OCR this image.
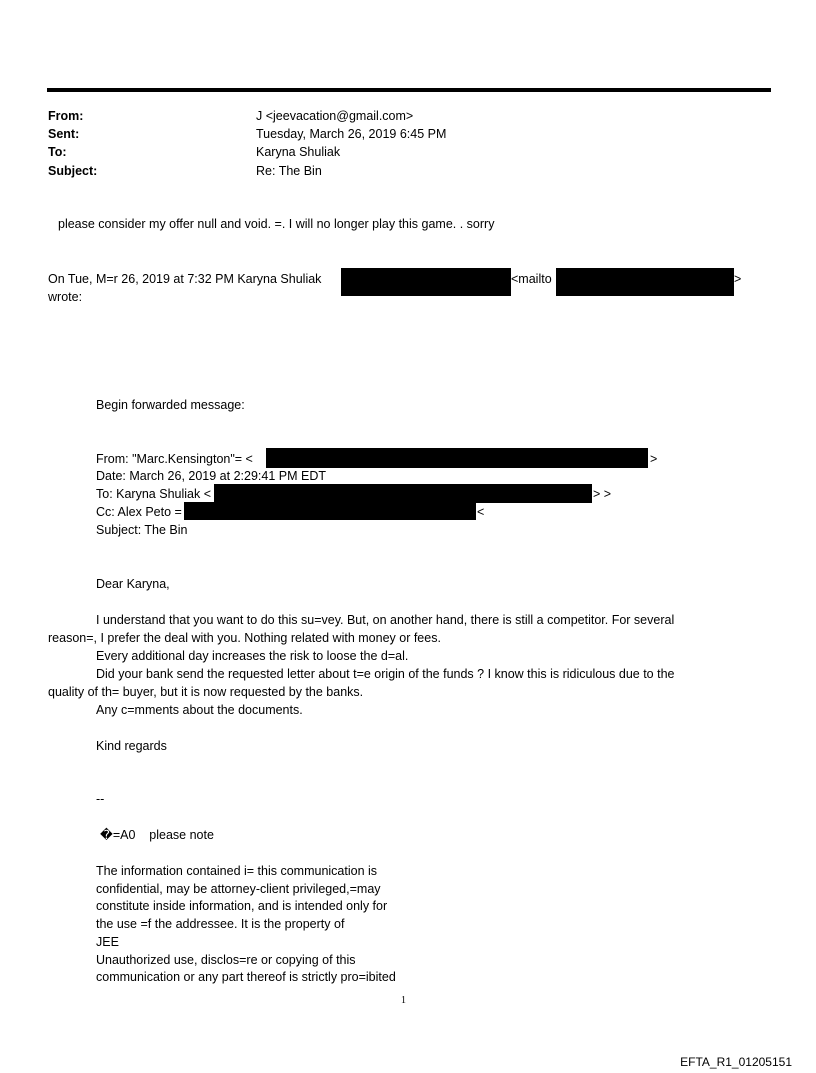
From:	J <jeevacation@gmail.com>
Sent:	Tuesday, March 26, 2019 6:45 PM
To:	Karyna Shuliak
Subject:	Re: The Bin
please consider my offer null and void. =. I will no longer play this game. . sorry
On Tue, M=r 26, 2019 at 7:32 PM Karyna Shuliak	<mailto	>
wrote:
Begin forwarded message:
From: "Marc.Kensington"= <	>
Date: March 26, 2019 at 2:29:41 PM EDT
To: Karyna Shuliak <	> >
Cc: Alex Peto =	<
Subject: The Bin
Dear Karyna,
I understand that you want to do this su=vey. But, on another hand, there is still a competitor. For several
reason=, I prefer the deal with you. Nothing related with money or fees.
Every additional day increases the risk to loose the d=al.
Did your bank send the requested letter about t=e origin of the funds ? I know this is ridiculous due to the
quality of th= buyer, but it is now requested by the banks.
Any c=mments about the documents.
Kind regards
--
�=A0    please note
The information contained i= this communication is
confidential, may be attorney-client privileged,=may
constitute inside information, and is intended only for
the use =f the addressee. It is the property of
JEE
Unauthorized use, disclos=re or copying of this
communication or any part thereof is strictly pro=ibited
1
EFTA_R1_01205151
